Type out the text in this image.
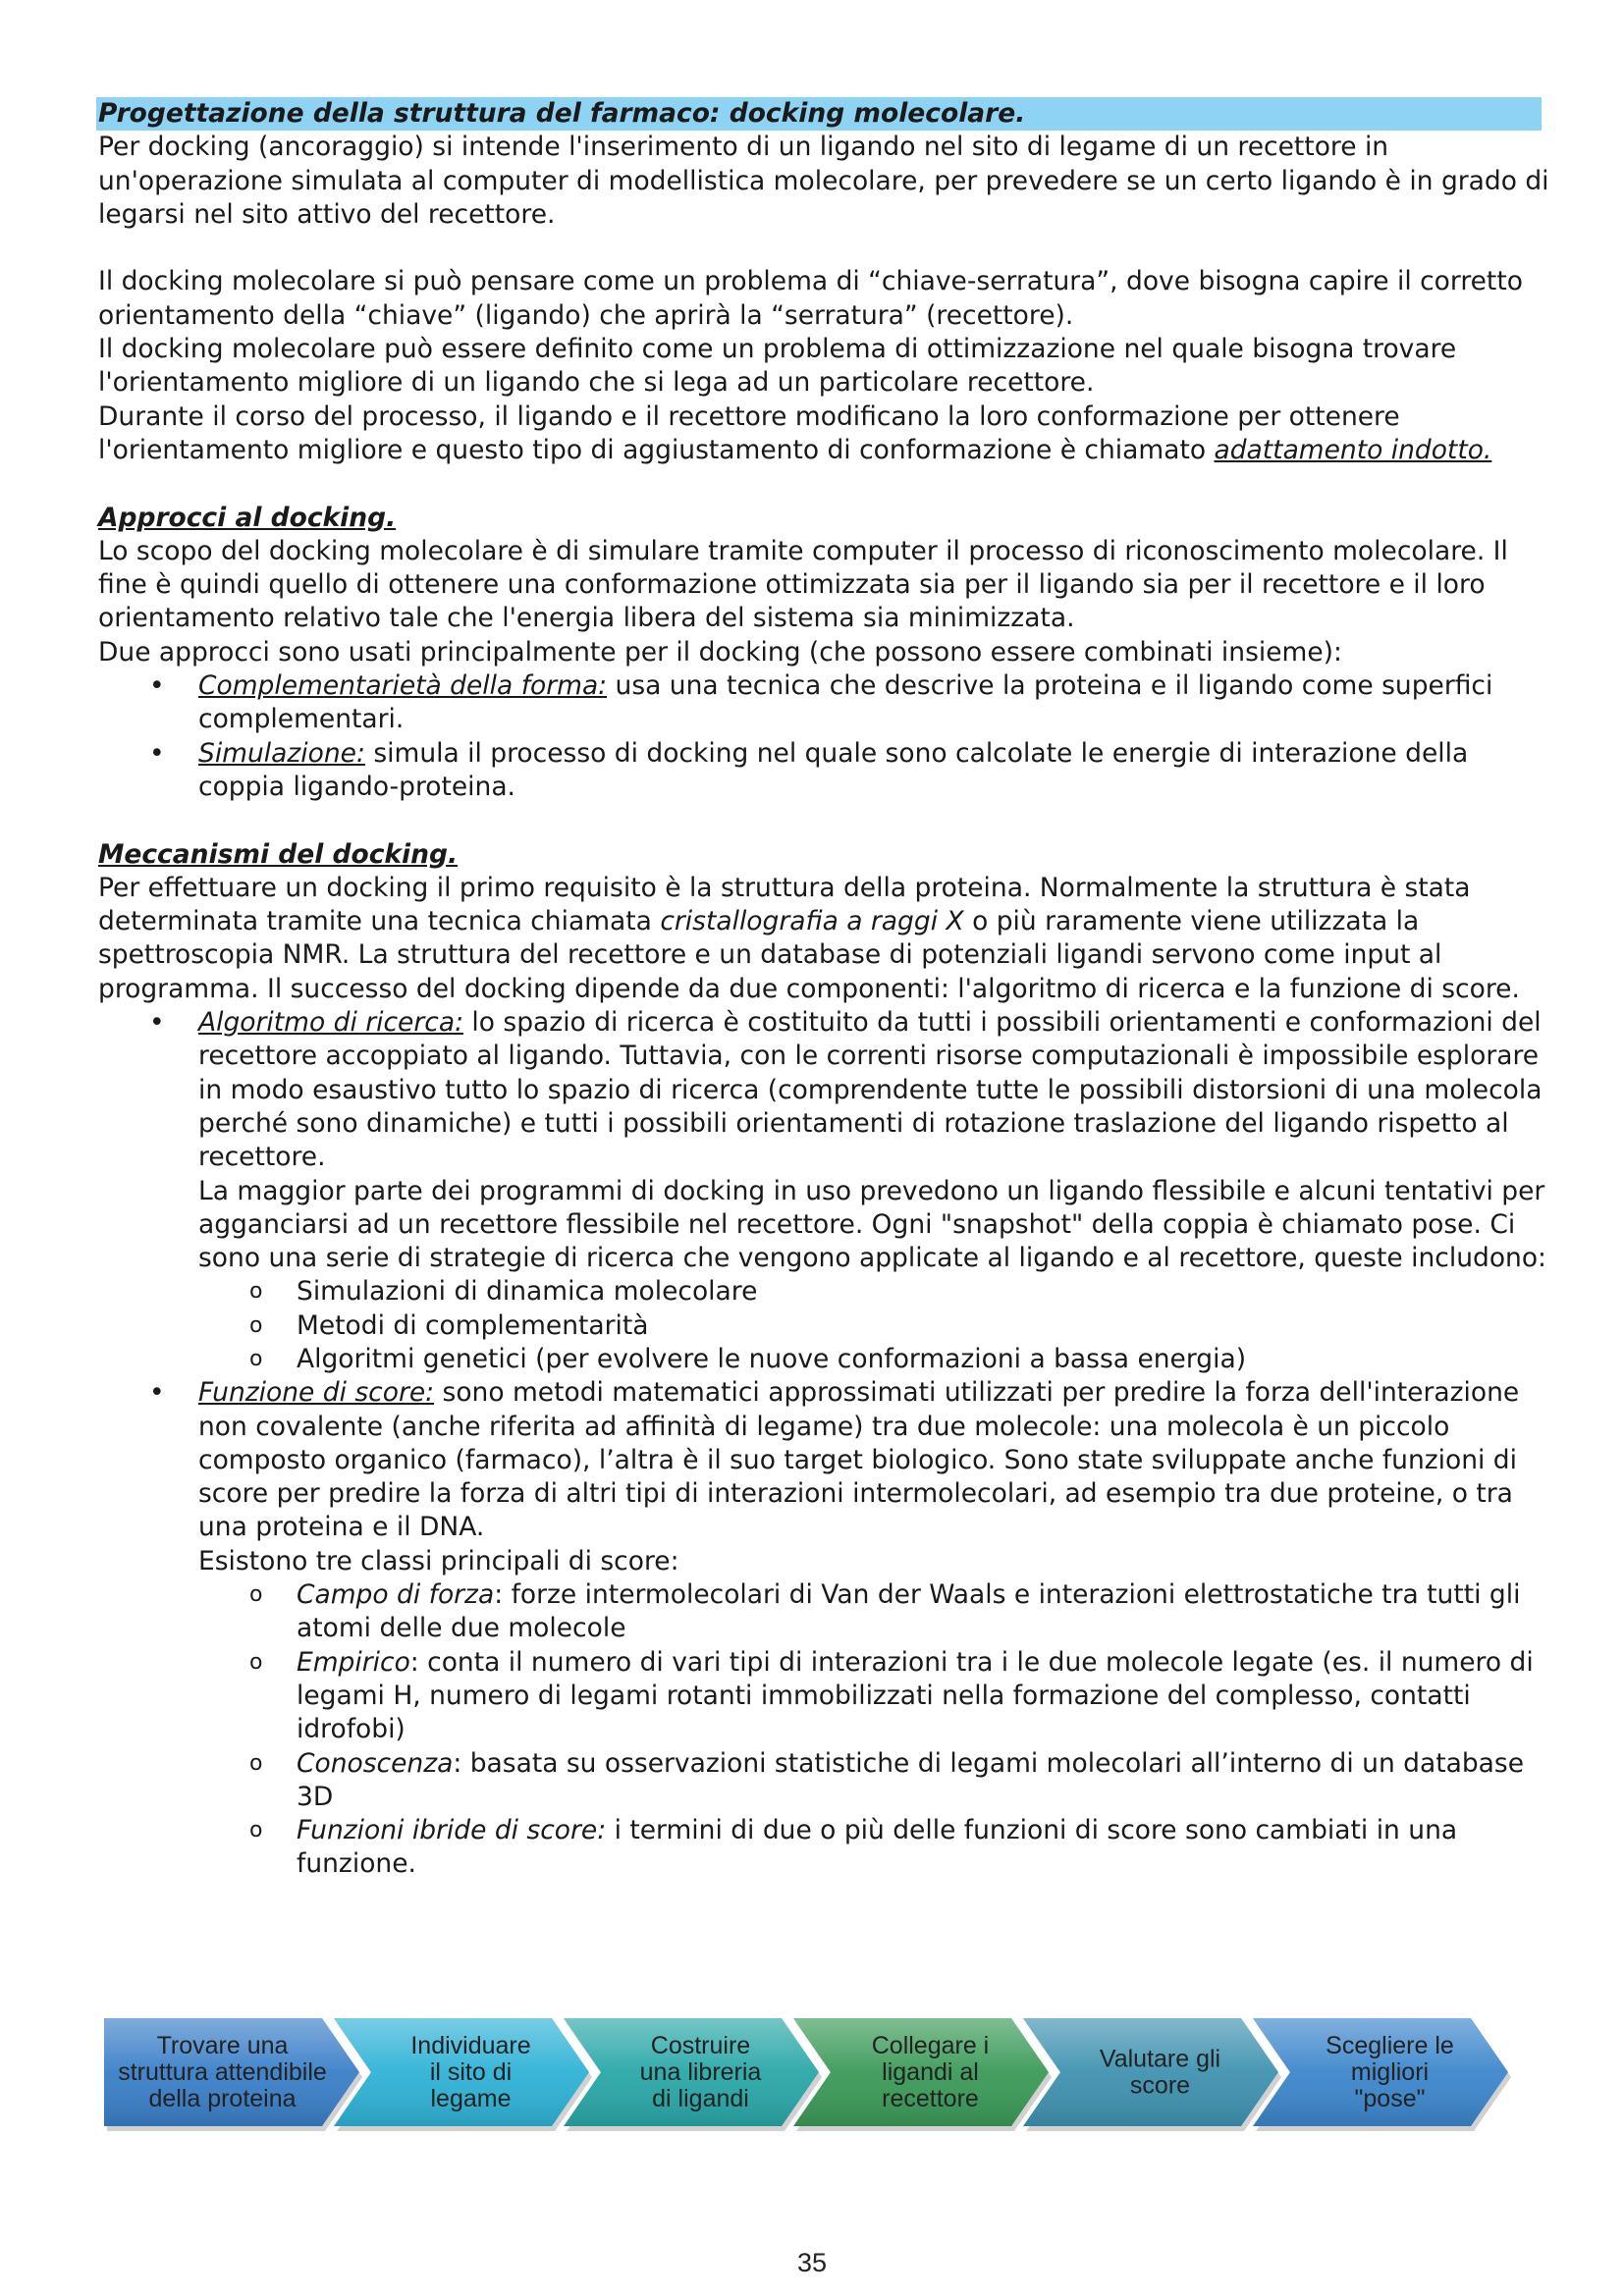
Progettazione della struttura del farmaco: docking molecolare.

Per docking (ancoraggio) si intende l'inserimento di un ligando nel sito di legame di un recettore in un'operazione simulata al computer di modellistica molecolare, per prevedere se un certo ligando è in grado di legarsi nel sito attivo del recettore.

Il docking molecolare si può pensare come un problema di “chiave-serratura”, dove bisogna capire il corretto orientamento della “chiave” (ligando) che aprirà la “serratura” (recettore).

Il docking molecolare può essere definito come un problema di ottimizzazione nel quale bisogna trovare l'orientamento migliore di un ligando che si lega ad un particolare recettore.

Durante il corso del processo, il ligando e il recettore modificano la loro conformazione per ottenere l'orientamento migliore e questo tipo di aggiustamento di conformazione è chiamato adattamento indotto.

Approcci al docking.

Lo scopo del docking molecolare è di simulare tramite computer il processo di riconoscimento molecolare. Il fine è quindi quello di ottenere una conformazione ottimizzata sia per il ligando sia per il recettore e il loro orientamento relativo tale che l'energia libera del sistema sia minimizzata.

Due approcci sono usati principalmente per il docking (che possono essere combinati insieme):

• Complementarietà della forma: usa una tecnica che descrive la proteina e il ligando come superfici complementari.
• Simulazione: simula il processo di docking nel quale sono calcolate le energie di interazione della coppia ligando-proteina.

Meccanismi del docking.

Per effettuare un docking il primo requisito è la struttura della proteina. Normalmente la struttura è stata determinata tramite una tecnica chiamata cristallografia a raggi X o più raramente viene utilizzata la spettroscopia NMR. La struttura del recettore e un database di potenziali ligandi servono come input al programma. Il successo del docking dipende da due componenti: l'algoritmo di ricerca e la funzione di score.

• Algoritmo di ricerca: lo spazio di ricerca è costituito da tutti i possibili orientamenti e conformazioni del recettore accoppiato al ligando. Tuttavia, con le correnti risorse computazionali è impossibile esplorare in modo esaustivo tutto lo spazio di ricerca (comprendente tutte le possibili distorsioni di una molecola perché sono dinamiche) e tutti i possibili orientamenti di rotazione traslazione del ligando rispetto al recettore.

La maggior parte dei programmi di docking in uso prevedono un ligando flessibile e alcuni tentativi per agganciarsi ad un recettore flessibile nel recettore. Ogni "snapshot" della coppia è chiamato pose. Ci sono una serie di strategie di ricerca che vengono applicate al ligando e al recettore, queste includono:

o Simulazioni di dinamica molecolare
o Metodi di complementarità
o Algoritmi genetici (per evolvere le nuove conformazioni a bassa energia)
• Funzione di score: sono metodi matematici approssimati utilizzati per predire la forza dell'interazione non covalente (anche riferita ad affinità di legame) tra due molecole: una molecola è un piccolo composto organico (farmaco), l’altra è il suo target biologico. Sono state sviluppate anche funzioni di score per predire la forza di altri tipi di interazioni intermolecolari, ad esempio tra due proteine, o tra una proteina e il DNA.

Esistono tre classi principali di score:

o Campo di forza: forze intermolecolari di Van der Waals e interazioni elettrostatiche tra tutti gli atomi delle due molecole
o Empirico: conta il numero di vari tipi di interazioni tra i le due molecole legate (es. il numero di legami H, numero di legami rotanti immobilizzati nella formazione del complesso, contatti idrofobi)
o Conoscenza: basata su osservazioni statistiche di legami molecolari all’interno di un database 3D
o Funzioni ibride di score: i termini di due o più delle funzioni di score sono cambiati in una funzione.
Trovare una
struttura attendibile
della proteina
Individuare
il sito di
legame
Costruire
una libreria
di ligandi
Collegare i
ligandi al
recettore
Valutare gli
score
Scegliere le
migliori
"pose"
35
